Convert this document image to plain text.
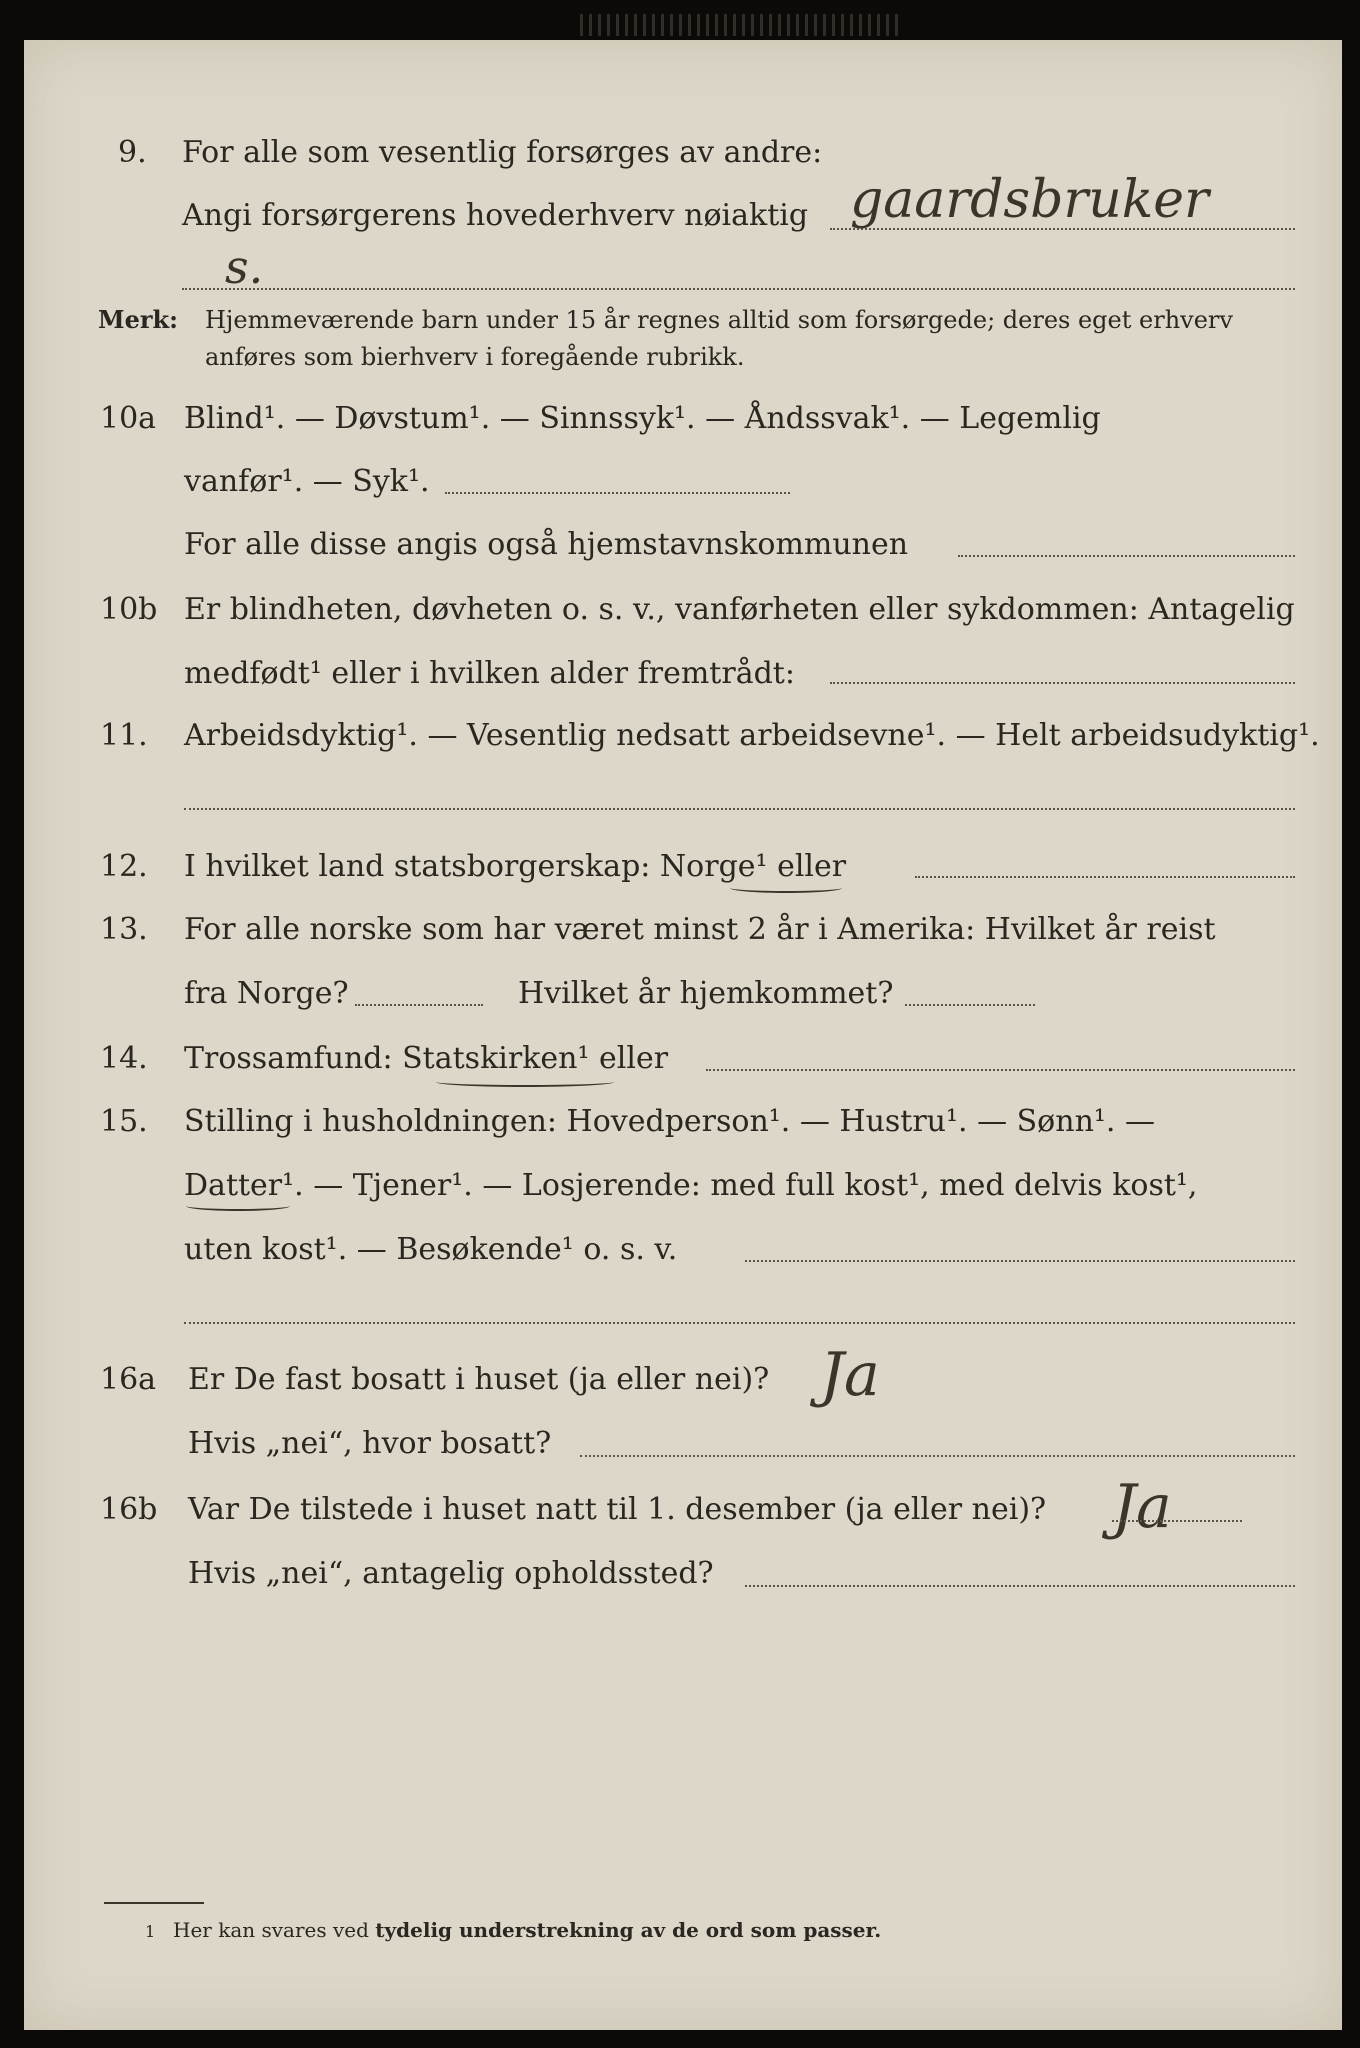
9. For alle som vesentlig forsørges av andre:
Angi forsørgerens hovederhverv nøiaktig gaardsbruker
s.
Merk: Hjemmeværende barn under 15 år regnes alltid som forsørgede; deres eget erhverv
anføres som bierhverv i foregående rubrikk.
10a Blind¹. — Døvstum¹. — Sinnssyk¹. — Åndssvak¹. — Legemlig
vanfør¹. — Syk¹.
For alle disse angis også hjemstavnskommunen
10b Er blindheten, døvheten o. s. v., vanførheten eller sykdommen: Antagelig
medfødt¹ eller i hvilken alder fremtrådt:
11. Arbeidsdyktig¹. — Vesentlig nedsatt arbeidsevne¹. — Helt arbeidsudyktig¹.
12. I hvilket land statsborgerskap: Norge¹ eller
13. For alle norske som har været minst 2 år i Amerika: Hvilket år reist
fra Norge?	Hvilket år hjemkommet?
14. Trossamfund: Statskirken¹ eller
15. Stilling i husholdningen: Hovedperson¹. — Hustru¹. — Sønn¹. —
Datter¹. — Tjener¹. — Losjerende: med full kost¹, med delvis kost¹,
uten kost¹. — Besøkende¹ o. s. v.
16a Er De fast bosatt i huset (ja eller nei)? Ja
Hvis „nei“, hvor bosatt?
16b Var De tilstede i huset natt til 1. desember (ja eller nei)? Ja
Hvis „nei“, antagelig opholdssted?
1 Her kan svares ved tydelig understrekning av de ord som passer.
